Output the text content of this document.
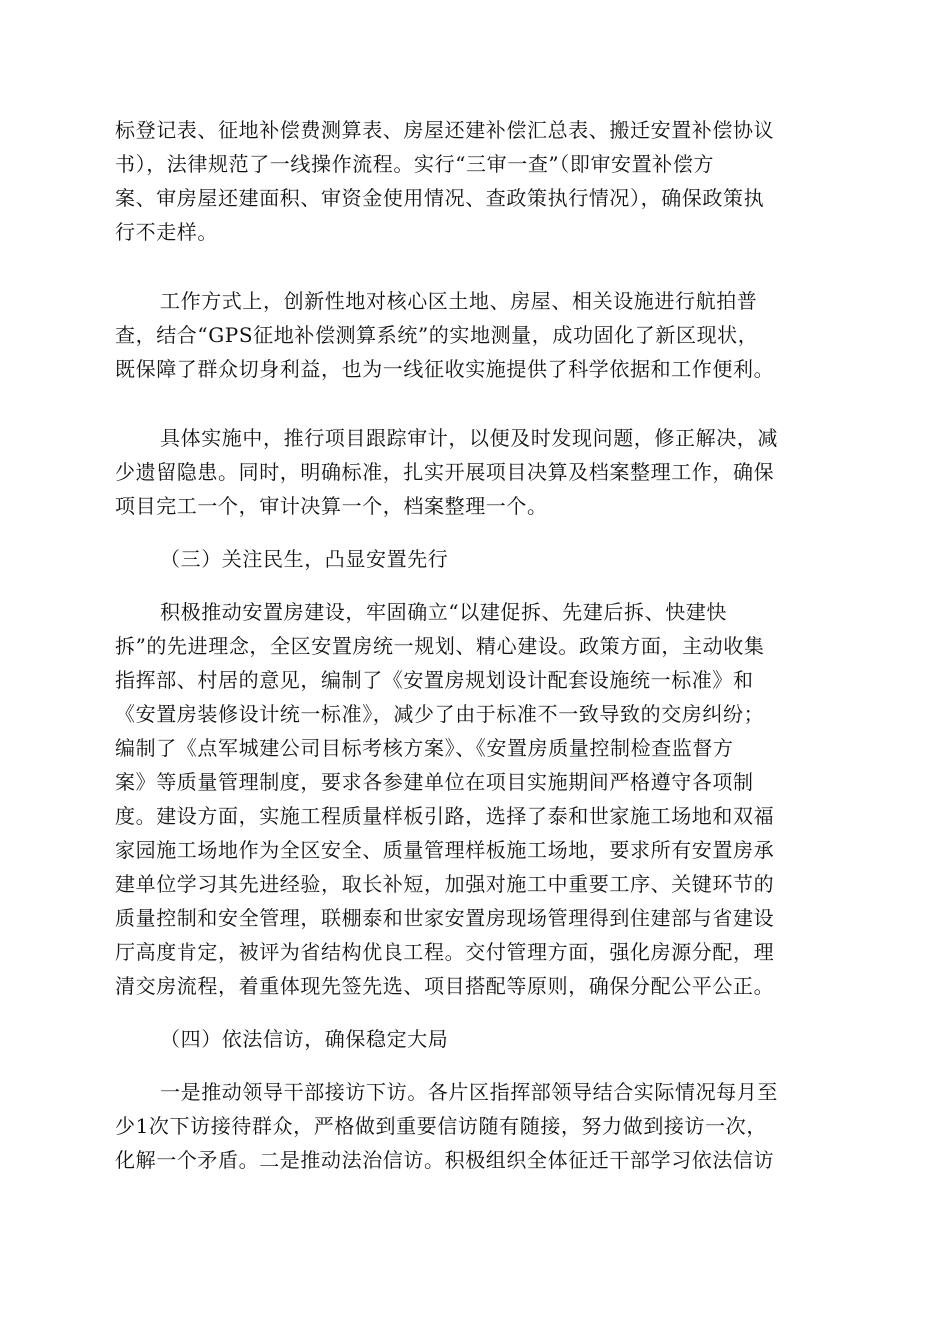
标登记表、征地补偿费测算表、房屋还建补偿汇总表、搬迁安置补偿协议

书），法律规范了一线操作流程。实行“三审一查”（即审安置补偿方

案、审房屋还建面积、审资金使用情况、查政策执行情况），确保政策执

行不走样。

工作方式上，创新性地对核心区土地、房屋、相关设施进行航拍普

查，结合“GPS征地补偿测算系统”的实地测量，成功固化了新区现状，

既保障了群众切身利益，也为一线征收实施提供了科学依据和工作便利。

具体实施中，推行项目跟踪审计，以便及时发现问题，修正解决，减

少遗留隐患。同时，明确标准，扎实开展项目决算及档案整理工作，确保

项目完工一个，审计决算一个，档案整理一个。

（三）关注民生，凸显安置先行

积极推动安置房建设，牢固确立“以建促拆、先建后拆、快建快

拆”的先进理念，全区安置房统一规划、精心建设。政策方面，主动收集

指挥部、村居的意见，编制了《安置房规划设计配套设施统一标准》和

《安置房装修设计统一标准》，减少了由于标准不一致导致的交房纠纷；

编制了《点军城建公司目标考核方案》、《安置房质量控制检查监督方

案》等质量管理制度，要求各参建单位在项目实施期间严格遵守各项制

度。建设方面，实施工程质量样板引路，选择了泰和世家施工场地和双福

家园施工场地作为全区安全、质量管理样板施工场地，要求所有安置房承

建单位学习其先进经验，取长补短，加强对施工中重要工序、关键环节的

质量控制和安全管理，联棚泰和世家安置房现场管理得到住建部与省建设

厅高度肯定，被评为省结构优良工程。交付管理方面，强化房源分配，理

清交房流程，着重体现先签先选、项目搭配等原则，确保分配公平公正。

（四）依法信访，确保稳定大局

一是推动领导干部接访下访。各片区指挥部领导结合实际情况每月至

少1次下访接待群众，严格做到重要信访随有随接，努力做到接访一次，

化解一个矛盾。二是推动法治信访。积极组织全体征迁干部学习依法信访
